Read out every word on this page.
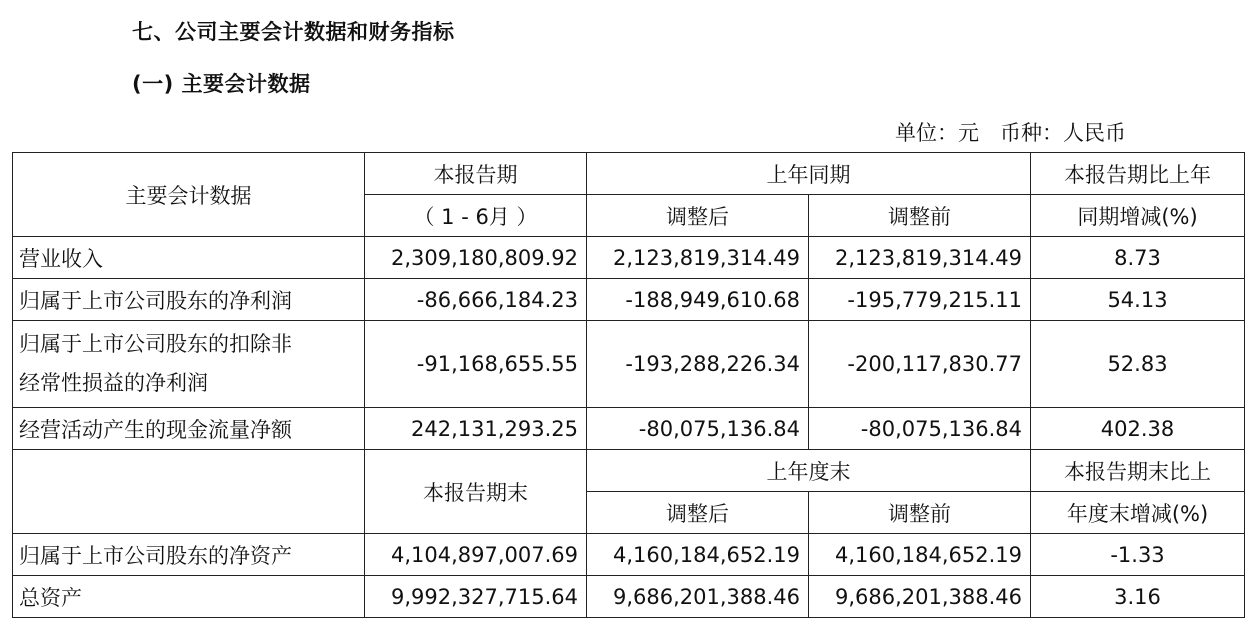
七、公司主要会计数据和财务指标
(一) 主要会计数据
单位：元　币种：人民币
主要会计数据	本报告期	上年同期		本报告期比上年
	（ 1 - 6月 ）	调整后	调整前	同期增减(%)
营业收入	2,309,180,809.92	2,123,819,314.49	2,123,819,314.49	8.73
归属于上市公司股东的净利润	-86,666,184.23	-188,949,610.68	-195,779,215.11	54.13

归属于上市公司股东的扣除非
经常性损益的净利润	-91,168,655.55	-193,288,226.34	-200,117,830.77	52.83
经营活动产生的现金流量净额	242,131,293.25	-80,075,136.84	-80,075,136.84	402.38
	本报告期末	上年度末		本报告期末比上
		调整后	调整前	年度末增减(%)
归属于上市公司股东的净资产	4,104,897,007.69	4,160,184,652.19	4,160,184,652.19	-1.33
总资产	9,992,327,715.64	9,686,201,388.46	9,686,201,388.46	3.16
